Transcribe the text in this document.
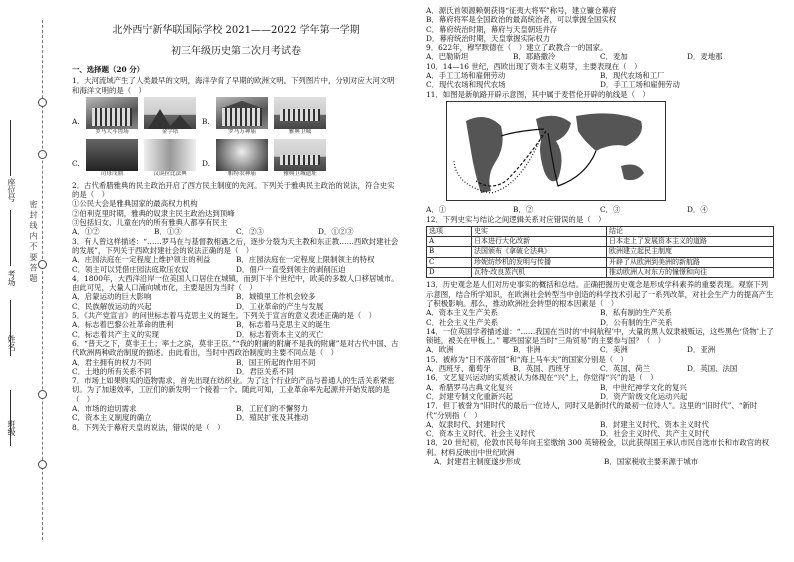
座位号
考场
姓名
班级
密 封 线 内 不 要 答 题
北外西宁新华联国际学校 2021——2022 学年第一学期
初三年级历史第二次月考试卷
一、选择题（20 分）

1．大河流域产生了人类最早的文明，海洋孕育了早期的欧洲文明。下列图片中，分别对应大河文明和海洋文明的是（　）

A.
罗马大斗兽场	金字塔
B.
罗马万神庙	雅典卫城
C.
司母戊鼎	汉谟拉比法典
D.
帕特农神庙	雅典卫城遗址

2．古代希腊雅典的民主政治开启了西方民主制度的先河。下列关于雅典民主政治的说法，符合史实的是（　）

①公民大会是雅典国家的最高权力机构

②伯利克里时期，雅典的奴隶主民主政治达到顶峰

③包括妇女、儿童在内的所有雅典人都享有民主

A．①②	B．①③	C．②③	D．①②③

3．有人曾这样描述：“……罗马在与基督教相遇之后，逐步分裂为天主教和东正教……西欧封建社会的发展”，下列关于西欧封建社会的说法正确的是（　）

A．庄园法庭在一定程度上维护领主的利益	B．庄园法庭在一定程度上限制领主的特权
C．领主可以凭借庄园法庭欺压农奴	D．佃户一直受到领主的剥削压迫

4．1800年，大西洋沿岸一位美国人口居住在城镇，而到下半个世纪中，欧美的多数人口移居城市。由此可见，大量人口涌向城市化，主要是因为当时（　）

A．启蒙运动的巨大影响	B．城镇里工作机会较多
C．民族解放运动的兴起	D．工业革命的产生与发展

5．《共产党宣言》的问世标志着马克思主义的诞生。下列关于宣言的意义表述正确的是（　）

A．标志着巴黎公社革命的胜利	B．标志着马克思主义的诞生
C．标志着共产主义的实现	D．标志着资本主义的灭亡

6．“普天之下，莫非王土；率土之滨，莫非王臣。”“我的附庸的附庸不是我的附庸”是对古代中国、古代欧洲两种政治制度的描述。由此看出，当时中西政治制度的主要不同点是（　）

A．君主拥有的权力不同	B．国王所起的作用不同
C．土地的所有关系不同	D．君臣关系不同

7．市场上如果购买的造物需求，首先出现在纺织业。为了这个行业的产品与普通人的生活关系紧密切。为了加速效率，工匠们的新发明一个接着一个。随此可知，工业革命率先起源并开始发展的是（　）

A．市场的迫切需求	B．工匠们的不懈努力
C．资本主义制度的确立	D．殖民扩张及其推动

8．下列关于幕府天皇的说法，错误的是（　）

A．源氏首领源赖朝获得“征夷大将军”称号，建立镰仓幕府

B．幕府将军是全国政治的最高统治者，可以掌握全国实权

C．幕府统治时期，幕府与天皇朝廷并存

D．幕府统治时期，天皇掌握实际权力

9．622年，穆罕默德在（　）建立了政教合一的国家。

A．巴勒斯坦	B．耶路撒冷	C．麦加	D．麦地那

10．14—16 世纪，西欧出现了资本主义萌芽，主要表现在（　）

A．手工工场和雇佣劳动	B．现代农场和工厂
C．现代农场和现代农场	D．手工工场和雇佣劳动

11．如图是新航路开辟示意图，其中属于麦哲伦开辟的航线是（　）

A．①	B．②	C．③	D．④

12．下列史实与结论之间逻辑关系对应错误的是（　）

选项	史实	结论
A	日本进行大化改新	日本走上了发展资本主义的道路
B	法国颁布《拿破仑法典》	欧洲建立起民主制度
C	珍妮纺纱机的发明与传播	开辟了从欧洲到美洲的新航路
D	瓦特·改良蒸汽机	推动欧洲人对东方的憧憬和向往

13．历史观念是人们对历史事实的概括和总结。正确把握历史观念是形成学科素养的重要表现。观察下列示意图，结合所学知识，在欧洲社会转型当中创造的科学技术引起了一系列改革，对社会生产力的提高产生了积极影响。那么，推动欧洲社会转型的根本因素是（　）

A．资本主义生产关系	B．私有制的生产关系
C．社会主义生产关系	D．公有制的生产关系

14．一位英国学者描述道：“……我国在当时的‘中间航程’中，大量的黑人奴隶被贩运，这些黑色‘货物’上了锁链，被关在甲板上。” 哪些国家是当时“三角贸易”的主要参与国？（　）

A．欧洲	B．非洲	C．美洲	D．亚洲

15．被称为“日不落帝国”和“海上马车夫”的国家分别是（　）

A．西班牙、葡萄牙	B．英国、西班牙	C．英国、荷兰	D．英国、法国

16．文艺复兴运动的实质被认为体现在“兴”上，你觉得“兴”的是（　）

A．希腊罗马古典文化复兴	B．中世纪神学文化的复兴
C．封建专制文化重新兴起	D．资产阶级文化运动兴起

17．但丁被誉为“旧时代的最后一位诗人，同时又是新时代的最初一位诗人”。这里的“旧时代”、“新时代”分别指（　）

A．奴隶时代、封建时代	B．封建主义时代、资本主义时代
C．资本主义时代、社会主义时代	D．社会主义时代、共产主义时代

18．20 世纪初，伦敦市民每年向王室缴纳 300 英镑税金，以此获得国王承认市民自选市长和市政官的权利。材料反映出中世纪欧洲

A．封建君主制度遂步形成	B．国家税收主要来源于城市
